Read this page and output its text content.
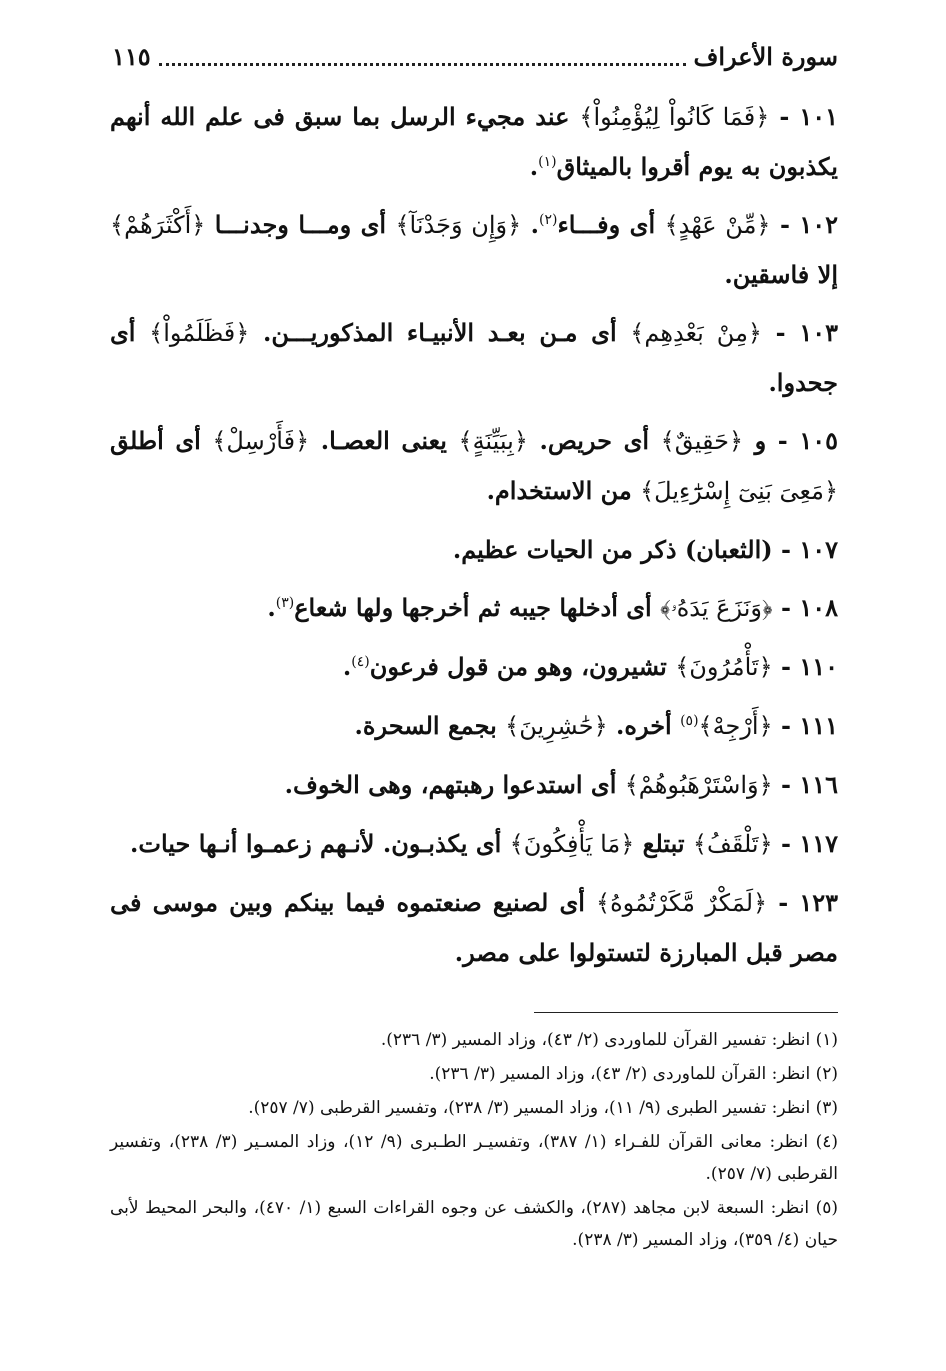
سورة الأعراف
١١٥
١٠١ - ﴿فَمَا كَانُواْ لِيُؤْمِنُواْ﴾ عند مجيء الرسل بما سبق فى علم الله أنهم يكذبون به يوم أقروا بالميثاق$^{(١)}$.
١٠٢ - ﴿مِّنْ عَهْدٍ﴾ أى وفـــاء$^{(٢)}$. ﴿وَإِن وَجَدْنَآ﴾ أى ومـــا وجدنـــا ﴿أَكْثَرَهُمْ﴾ إلا فاسقين.
١٠٣ - ﴿مِنْ بَعْدِهِم﴾ أى مـن بعـد الأنبيـاء المذكوريـــن. ﴿فَظَلَمُواْ﴾ أى جحدوا.
١٠٥ - و ﴿حَقِيقٌ﴾ أى حريص. ﴿بِبَيِّنَةٍ﴾ يعنى العصـا. ﴿فَأَرْسِلْ﴾ أى أطلق ﴿مَعِىَ بَنِىٓ إِسْرَٰٓءِيلَ﴾ من الاستخدام.
١٠٧ - (الثعبان) ذكر من الحيات عظيم.
١٠٨ - ﴿وَنَزَعَ يَدَهُۥ﴾ أى أدخلها جيبه ثم أخرجها ولها شعاع$^{(٣)}$.
١١٠ - ﴿تَأْمُرُونَ﴾ تشيرون، وهو من قول فرعون$^{(٤)}$.
١١١ - ﴿أَرْجِهْ﴾$^{(٥)}$ أخره. ﴿حَٰشِرِينَ﴾ بجمع السحرة.
١١٦ - ﴿وَاسْتَرْهَبُوهُمْ﴾ أى استدعوا رهبتهم، وهى الخوف.
١١٧ - ﴿تَلْقَفُ﴾ تبتلع ﴿مَا يَأْفِكُونَ﴾ أى يكذبـون. لأنـهم زعمـوا أنـها حيات.
١٢٣ - ﴿لَمَكْرٌ مَّكَرْتُمُوهُ﴾ أى لصنيع صنعتموه فيما بينكم وبين موسى فى مصر قبل المبارزة لتستولوا على مصر.
(١) انظر: تفسير القرآن للماوردى (٢/ ٤٣)، وزاد المسير (٣/ ٢٣٦).
(٢) انظر: القرآن للماوردى (٢/ ٤٣)، وزاد المسير (٣/ ٢٣٦).
(٣) انظر: تفسير الطبرى (٩/ ١١)، وزاد المسير (٣/ ٢٣٨)، وتفسير القرطبى (٧/ ٢٥٧).
(٤) انظر: معانى القرآن للفـراء (١/ ٣٨٧)، وتفسيـر الطـبرى (٩/ ١٢)، وزاد المسـير (٣/ ٢٣٨)، وتفسير القرطبى (٧/ ٢٥٧).
(٥) انظر: السبعة لابن مجاهد (٢٨٧)، والكشف عن وجوه القراءات السبع (١/ ٤٧٠)، والبحر المحيط لأبى حيان (٤/ ٣٥٩)، وزاد المسير (٣/ ٢٣٨).
